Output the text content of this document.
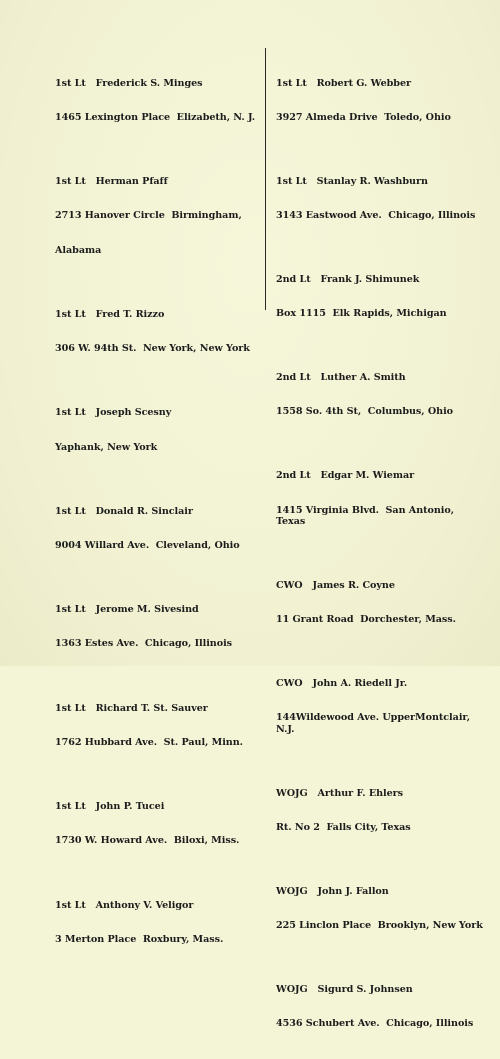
1st Lt   Frederick S. Minges

1465 Lexington Place  Elizabeth, N. J.

1st Lt   Herman Pfaff

2713 Hanover Circle  Birmingham,

Alabama

1st Lt   Fred T. Rizzo

306 W. 94th St.  New York, New York

1st Lt   Joseph Scesny

Yaphank, New York

1st Lt   Donald R. Sinclair

9004 Willard Ave.  Cleveland, Ohio

1st Lt   Jerome M. Sivesind

1363 Estes Ave.  Chicago, Illinois

1st Lt   Richard T. St. Sauver

1762 Hubbard Ave.  St. Paul, Minn.

1st Lt   John P. Tucei

1730 W. Howard Ave.  Biloxi, Miss.

1st Lt   Anthony V. Veligor

3 Merton Place  Roxbury, Mass.

1st Lt   Robert G. Webber

3927 Almeda Drive  Toledo, Ohio

1st Lt   Stanlay R. Washburn

3143 Eastwood Ave.  Chicago, Illinois

2nd Lt   Frank J. Shimunek

Box 1115  Elk Rapids, Michigan

2nd Lt   Luther A. Smith

1558 So. 4th St,  Columbus, Ohio

2nd Lt   Edgar M. Wiemar

1415 Virginia Blvd.  San Antonio, Texas

CWO   James R. Coyne

11 Grant Road  Dorchester, Mass.

CWO   John A. Riedell Jr.

144Wildewood Ave. UpperMontclair, N.J.

WOJG   Arthur F. Ehlers

Rt. No 2  Falls City, Texas

WOJG   John J. Fallon

225 Linclon Place  Brooklyn, New York

WOJG   Sigurd S. Johnsen

4536 Schubert Ave.  Chicago, Illinois
